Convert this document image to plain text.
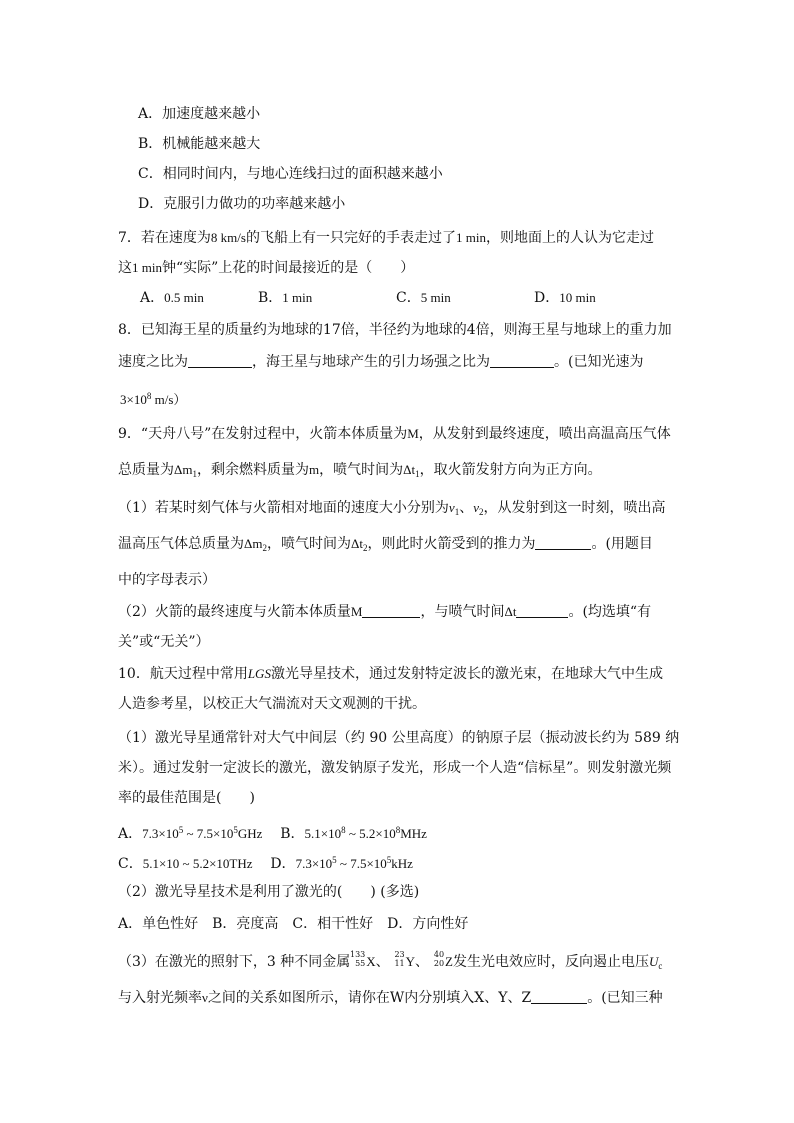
A．加速度越来越小
B．机械能越来越大
C．相同时间内，与地心连线扫过的面积越来越小
D．克服引力做功的功率越来越小
7．若在速度为8 km/s的飞船上有一只完好的手表走过了1 min，则地面上的人认为它走过
这1 min钟“实际”上花的时间最接近的是（　　）
A．0.5 min	B．1 min	C．5 min	D．10 min
8．已知海王星的质量约为地球的17倍，半径约为地球的4倍，则海王星与地球上的重力加
速度之比为	，海王星与地球产生的引力场强之比为	。(已知光速为
$3\times 10^8$ m/s）
9．“天舟八号”在发射过程中，火箭本体质量为M，从发射到最终速度，喷出高温高压气体
总质量为$\Delta m_1$，剩余燃料质量为m，喷气时间为$\Delta t_1$，取火箭发射方向为正方向。
（1）若某时刻气体与火箭相对地面的速度大小分别为$v_1$、$v_2$，从发射到这一时刻，喷出高
温高压气体总质量为$\Delta m_2$，喷气时间为$\Delta t_2$，则此时火箭受到的推力为	。(用题目
中的字母表示）
（2）火箭的最终速度与火箭本体质量M	，与喷气时间Δt	。(均选填“有
关”或“无关”）
10．航天过程中常用LGS激光导星技术，通过发射特定波长的激光束，在地球大气中生成
人造参考星，以校正大气湍流对天文观测的干扰。
（1）激光导星通常针对大气中间层（约 90 公里高度）的钠原子层（振动波长约为 589 纳
米）。通过发射一定波长的激光，激发钠原子发光，形成一个人造“信标星”。则发射激光频
率的最佳范围是(　　)
A．$7.3\times 10^5$ ~ $7.5\times 10^5GHz$ B．$5.1\times 10^8$ ~ $5.2\times 10^8MHz$
C．5.1×10 ~ 5.2×10THz D．$7.3\times 10^5$ ~ $7.5\times 10^5kHz$
（2）激光导星技术是利用了激光的(　　) (多选)
A．单色性好　B．亮度高　C．相干性好　D．方向性好
（3）在激光的照射下，3 种不同金属 133
55 X、 23
11 Y、 40
20 Z发生光电效应时，反向遏止电压$U_c$
与入射光频率ν之间的关系如图所示，请你在W内分别填入X、Y、Z	。(已知三种
